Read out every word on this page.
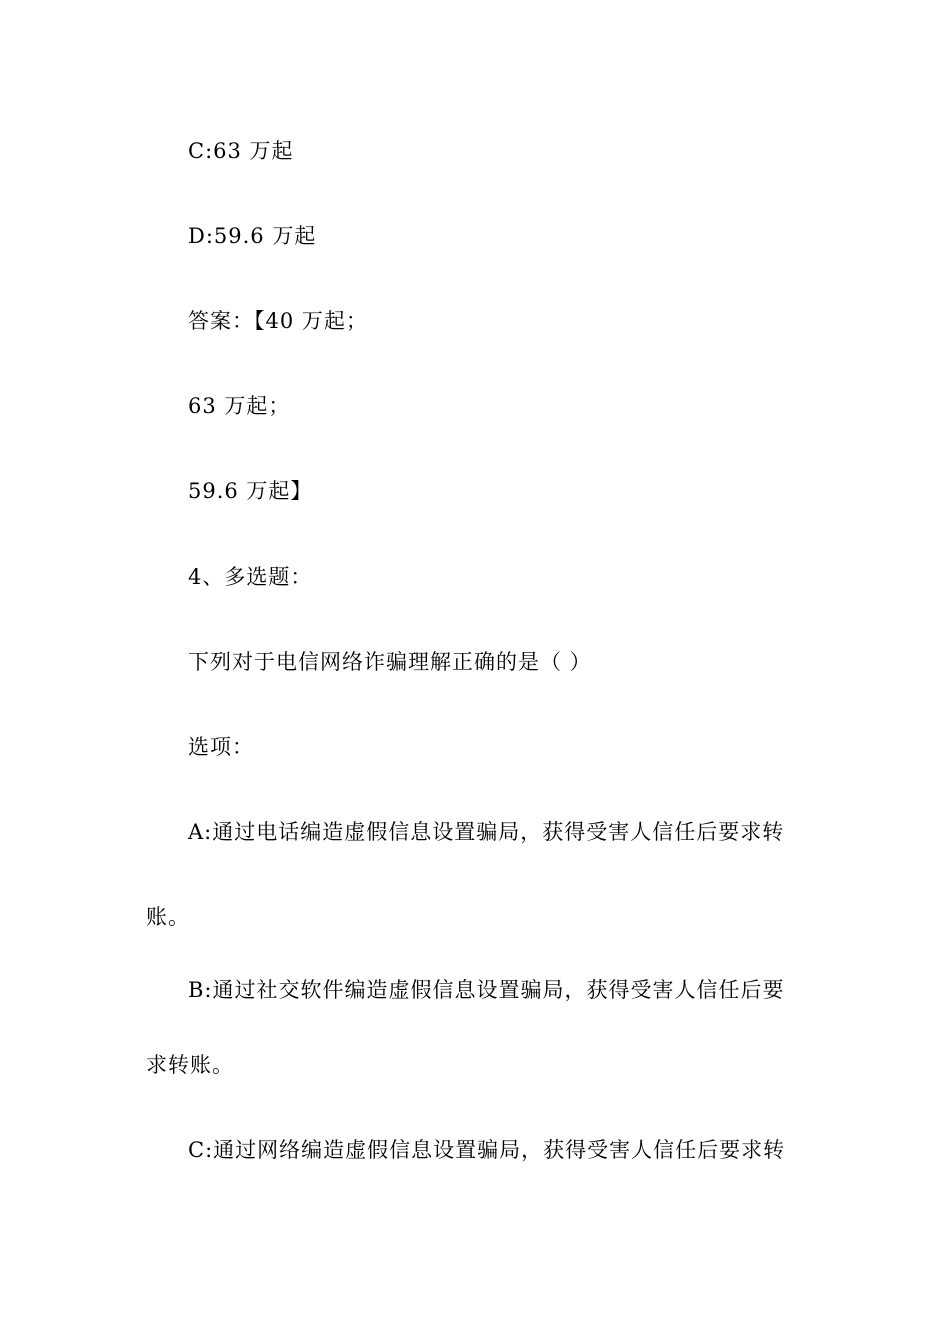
C:63 万起
D:59.6 万起
答案：【40 万起；
63 万起；
59.6 万起】
4、多选题：
下列对于电信网络诈骗理解正确的是（ ）
选项：
A:通过电话编造虚假信息设置骗局，获得受害人信任后要求转
账。
B:通过社交软件编造虚假信息设置骗局，获得受害人信任后要
求转账。
C:通过网络编造虚假信息设置骗局，获得受害人信任后要求转
